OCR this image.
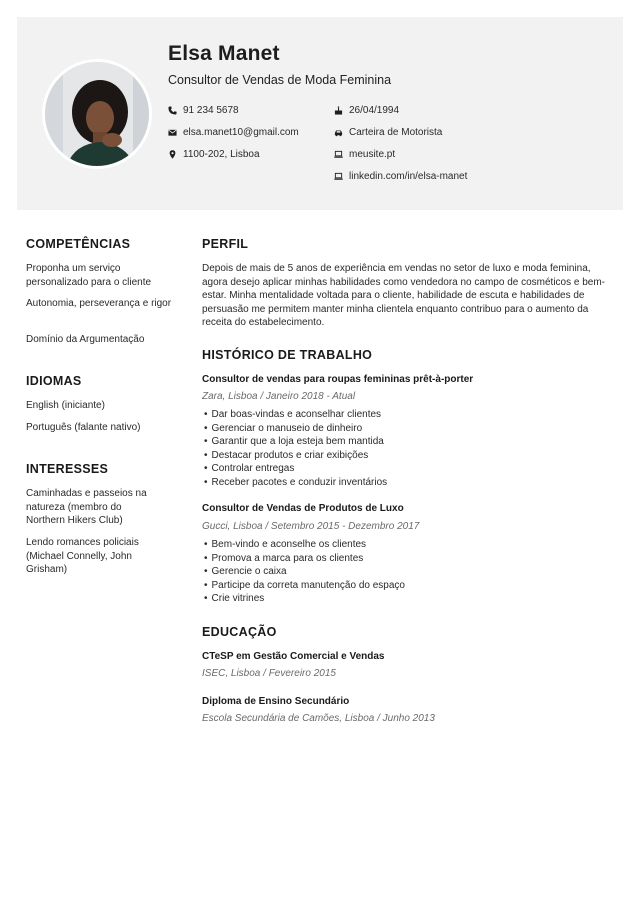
Elsa Manet
Consultor de Vendas de Moda Feminina
91 234 5678
elsa.manet10@gmail.com
1100-202, Lisboa
26/04/1994
Carteira de Motorista
meusite.pt
linkedin.com/in/elsa-manet
COMPETÊNCIAS
Proponha um serviço personalizado para o cliente
Autonomia, perseverança e rigor
Domínio da Argumentação
IDIOMAS
English (iniciante)
Português (falante nativo)
INTERESSES
Caminhadas e passeios na natureza (membro do Northern Hikers Club)
Lendo romances policiais (Michael Connelly, John Grisham)
PERFIL
Depois de mais de 5 anos de experiência em vendas no setor de luxo e moda feminina, agora desejo aplicar minhas habilidades como vendedora no campo de cosméticos e bem-estar. Minha mentalidade voltada para o cliente, habilidade de escuta e habilidades de persuasão me permitem manter minha clientela enquanto contribuo para o aumento da receita do estabelecimento.
HISTÓRICO DE TRABALHO
Consultor de vendas para roupas femininas prêt-à-porter
Zara, Lisboa / Janeiro 2018 - Atual
• Dar boas-vindas e aconselhar clientes
• Gerenciar o manuseio de dinheiro
• Garantir que a loja esteja bem mantida
• Destacar produtos e criar exibições
• Controlar entregas
• Receber pacotes e conduzir inventários
Consultor de Vendas de Produtos de Luxo
Gucci, Lisboa / Setembro 2015 - Dezembro 2017
• Bem-vindo e aconselhe os clientes
• Promova a marca para os clientes
• Gerencie o caixa
• Participe da correta manutenção do espaço
• Crie vitrines
EDUCAÇÃO
CTeSP em Gestão Comercial e Vendas
ISEC, Lisboa / Fevereiro 2015
Diploma de Ensino Secundário
Escola Secundária de Camões, Lisboa / Junho 2013
